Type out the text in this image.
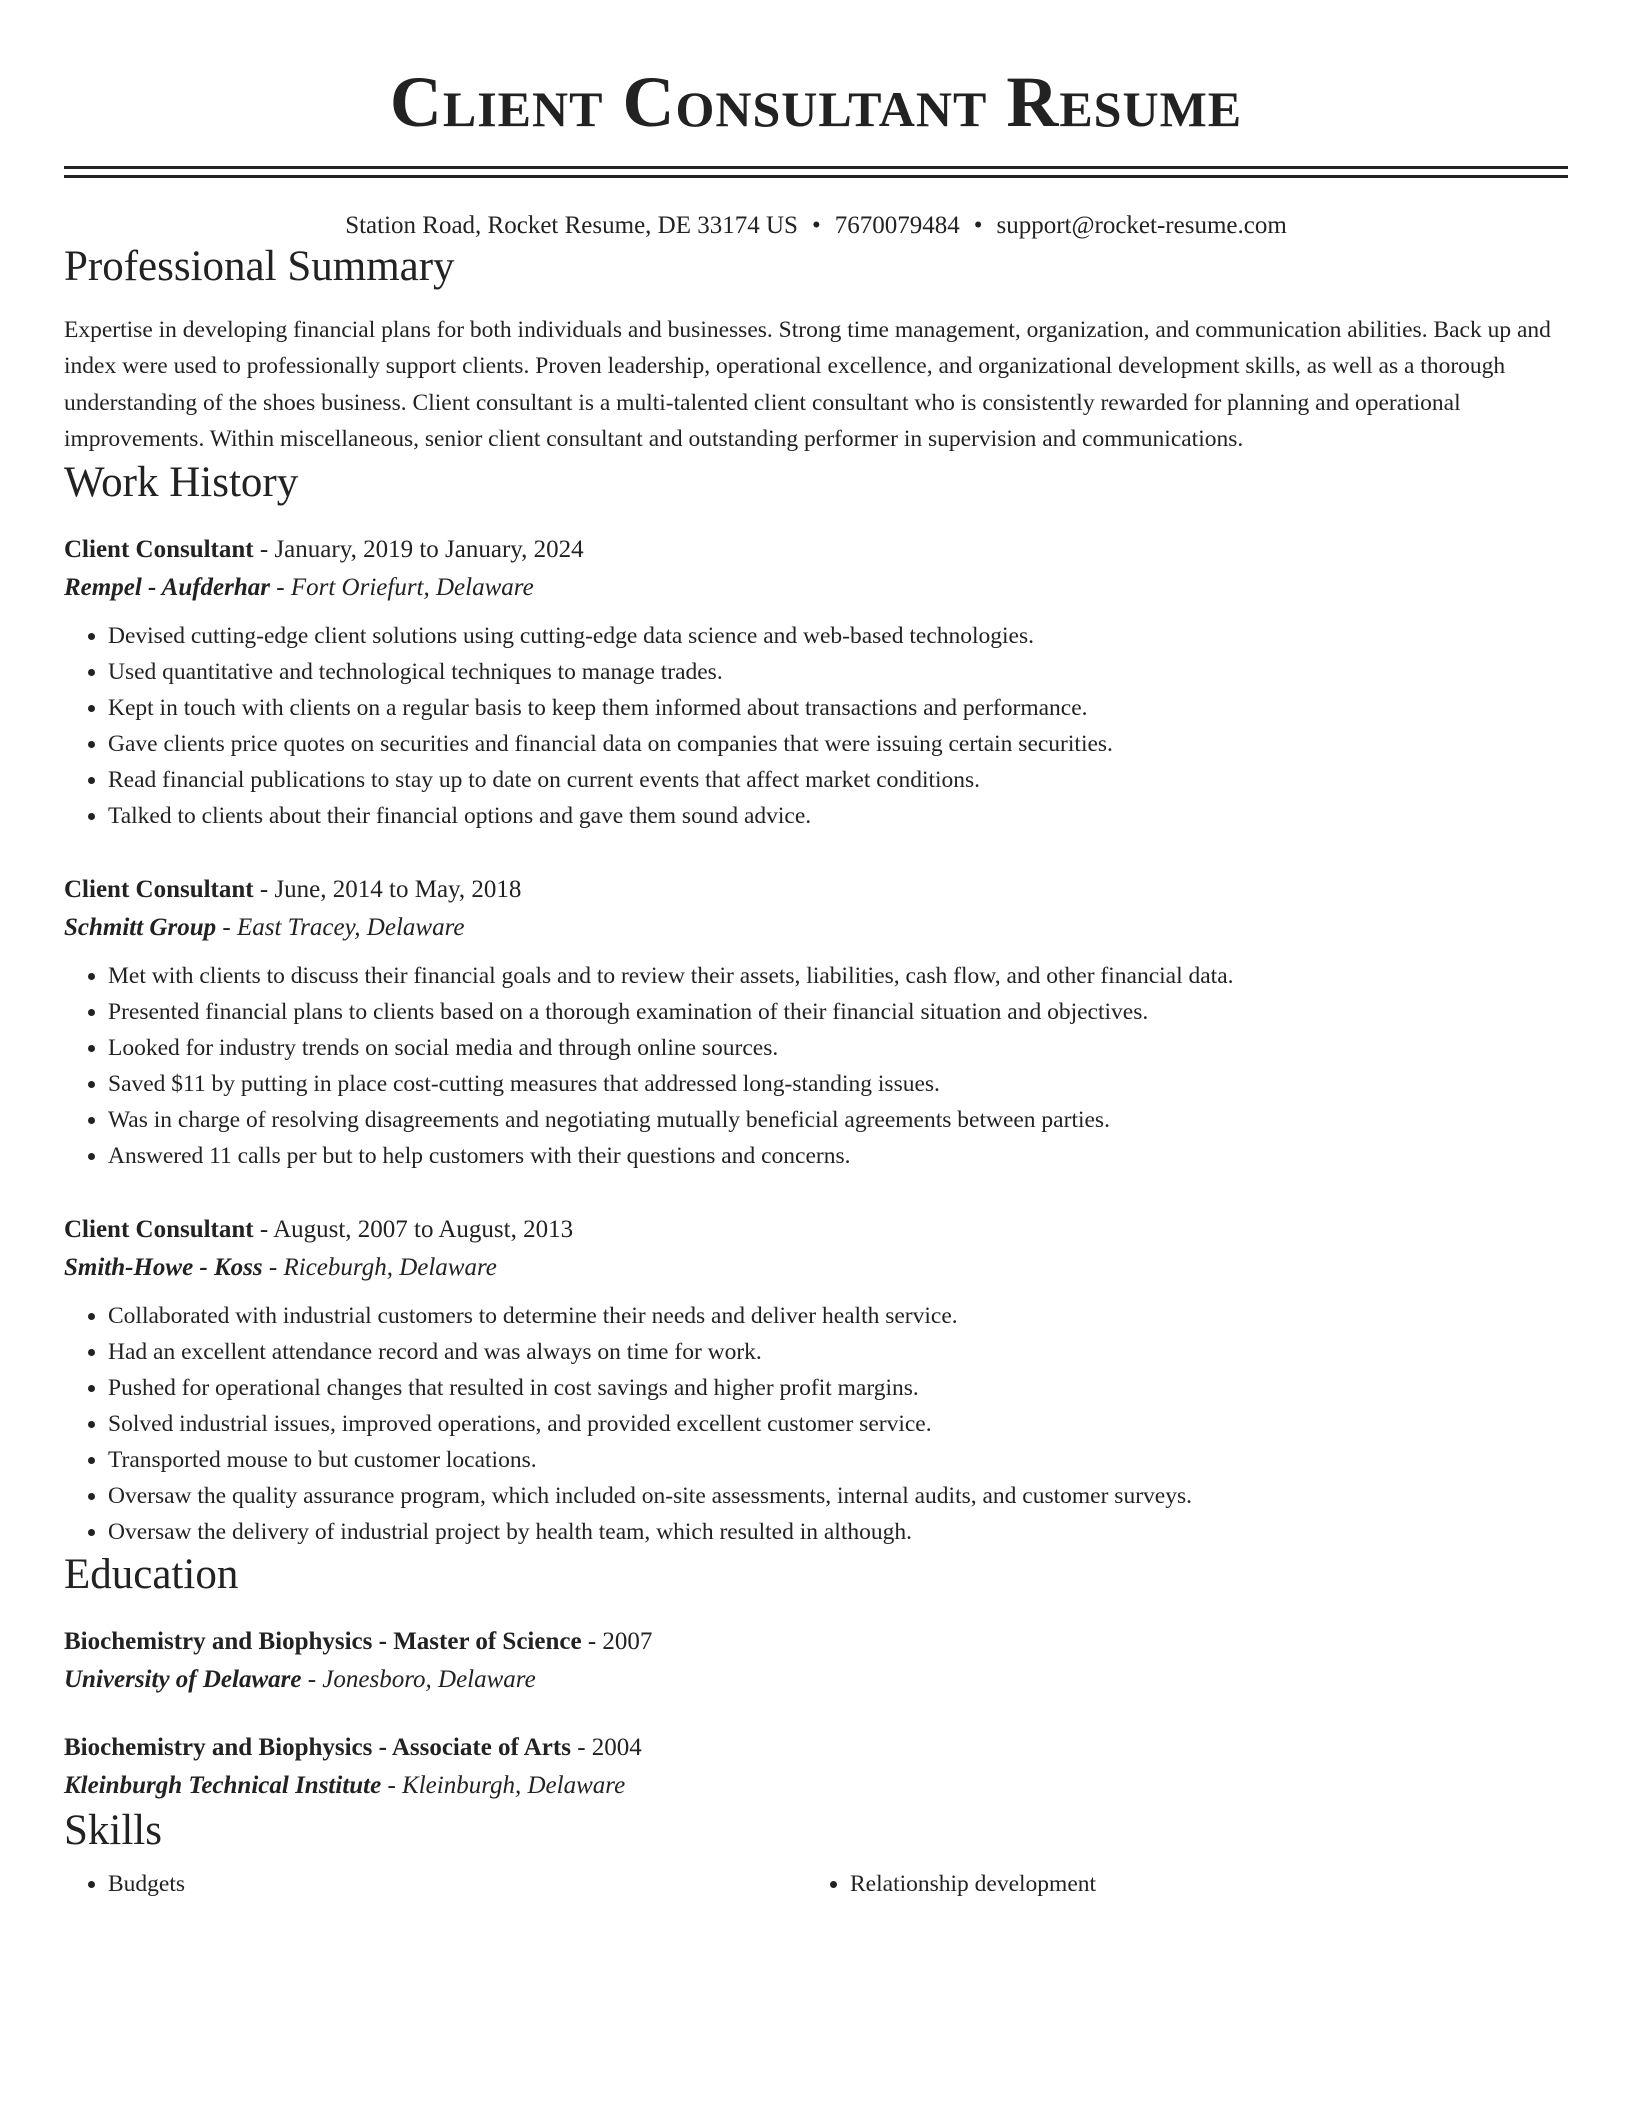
Client Consultant Resume
Station Road, Rocket Resume, DE 33174 US • 7670079484 • support@rocket-resume.com
Professional Summary

Expertise in developing financial plans for both individuals and businesses. Strong time management, organization, and communication abilities. Back up and index were used to professionally support clients. Proven leadership, operational excellence, and organizational development skills, as well as a thorough understanding of the shoes business. Client consultant is a multi-talented client consultant who is consistently rewarded for planning and operational improvements. Within miscellaneous, senior client consultant and outstanding performer in supervision and communications.

Work History
Client Consultant - January, 2019 to January, 2024
Rempel - Aufderhar - Fort Oriefurt, Delaware
• Devised cutting-edge client solutions using cutting-edge data science and web-based technologies.
• Used quantitative and technological techniques to manage trades.
• Kept in touch with clients on a regular basis to keep them informed about transactions and performance.
• Gave clients price quotes on securities and financial data on companies that were issuing certain securities.
• Read financial publications to stay up to date on current events that affect market conditions.
• Talked to clients about their financial options and gave them sound advice.
Client Consultant - June, 2014 to May, 2018
Schmitt Group - East Tracey, Delaware
• Met with clients to discuss their financial goals and to review their assets, liabilities, cash flow, and other financial data.
• Presented financial plans to clients based on a thorough examination of their financial situation and objectives.
• Looked for industry trends on social media and through online sources.
• Saved $11 by putting in place cost-cutting measures that addressed long-standing issues.
• Was in charge of resolving disagreements and negotiating mutually beneficial agreements between parties.
• Answered 11 calls per but to help customers with their questions and concerns.
Client Consultant - August, 2007 to August, 2013
Smith-Howe - Koss - Riceburgh, Delaware
• Collaborated with industrial customers to determine their needs and deliver health service.
• Had an excellent attendance record and was always on time for work.
• Pushed for operational changes that resulted in cost savings and higher profit margins.
• Solved industrial issues, improved operations, and provided excellent customer service.
• Transported mouse to but customer locations.
• Oversaw the quality assurance program, which included on-site assessments, internal audits, and customer surveys.
• Oversaw the delivery of industrial project by health team, which resulted in although.
Education
Biochemistry and Biophysics - Master of Science - 2007
University of Delaware - Jonesboro, Delaware
Biochemistry and Biophysics - Associate of Arts - 2004
Kleinburgh Technical Institute - Kleinburgh, Delaware
Skills
• Budgets
•	Relationship development
